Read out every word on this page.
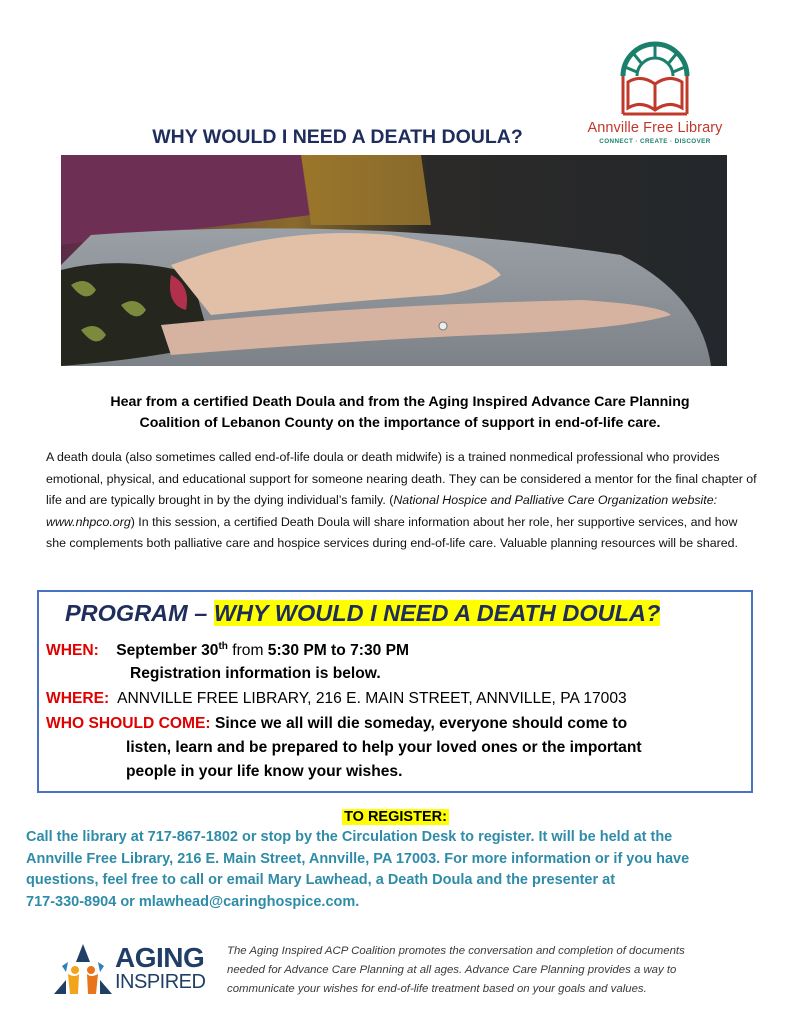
Annville Free Library
CONNECT · CREATE · DISCOVER
WHY WOULD I NEED A DEATH DOULA?
Hear from a certified Death Doula and from the Aging Inspired Advance Care Planning
Coalition of Lebanon County on the importance of support in end-of-life care.
A death doula (also sometimes called end-of-life doula or death midwife) is a trained nonmedical professional who provides emotional, physical, and educational support for someone nearing death. They can be considered a mentor for the final chapter of life and are typically brought in by the dying individual’s family. (National Hospice and Palliative Care Organization website: www.nhpco.org) In this session, a certified Death Doula will share information about her role, her supportive services, and how she complements both palliative care and hospice services during end-of-life care. Valuable planning resources will be shared.
PROGRAM – WHY WOULD I NEED A DEATH DOULA?
WHEN: September 30th from 5:30 PM to 7:30 PM
Registration information is below.
WHERE: ANNVILLE FREE LIBRARY, 216 E. MAIN STREET, ANNVILLE, PA 17003
WHO SHOULD COME: Since we all will die someday, everyone should come to
listen, learn and be prepared to help your loved ones or the important
people in your life know your wishes.
TO REGISTER:
Call the library at 717-867-1802 or stop by the Circulation Desk to register. It will be held at the
Annville Free Library, 216 E. Main Street, Annville, PA 17003. For more information or if you have
questions, feel free to call or email Mary Lawhead, a Death Doula and the presenter at
717-330-8904 or mlawhead@caringhospice.com.
AGING
INSPIRED
The Aging Inspired ACP Coalition promotes the conversation and completion of documents
needed for Advance Care Planning at all ages. Advance Care Planning provides a way to
communicate your wishes for end-of-life treatment based on your goals and values.
